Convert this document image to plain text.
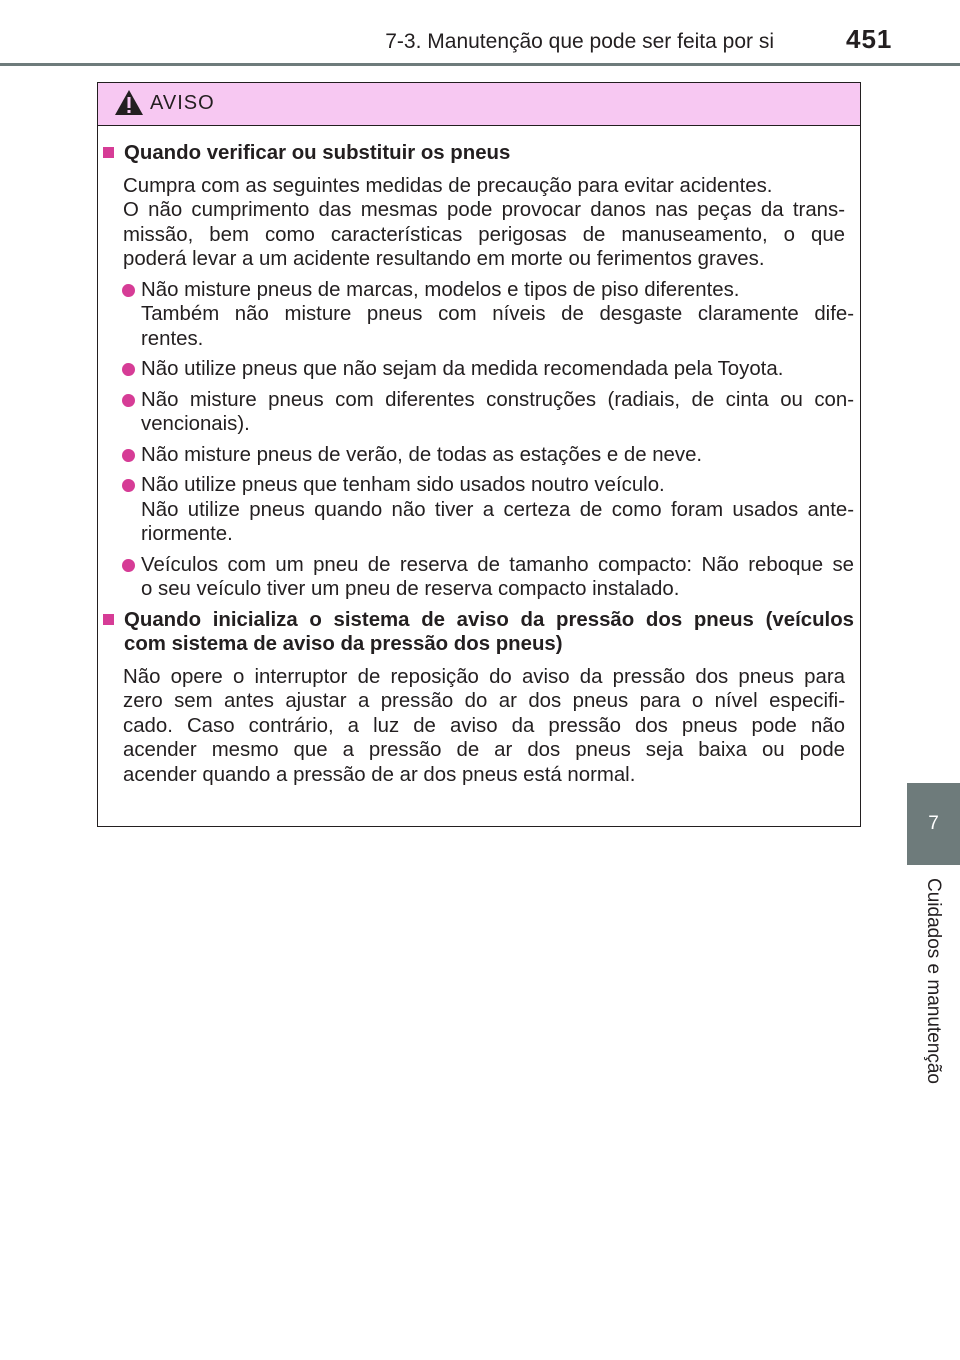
7-3. Manutenção que pode ser feita por si	451
7
Cuidados e manutenção
AVISO
Quando verificar ou substituir os pneus
Cumpra com as seguintes medidas de precaução para evitar acidentes.
O não cumprimento das mesmas pode provocar danos nas peças da trans-
missão, bem como características perigosas de manuseamento, o que
poderá levar a um acidente resultando em morte ou ferimentos graves.
Não misture pneus de marcas, modelos e tipos de piso diferentes.
Também não misture pneus com níveis de desgaste claramente dife-
rentes.
Não utilize pneus que não sejam da medida recomendada pela Toyota.
Não misture pneus com diferentes construções (radiais, de cinta ou con-
vencionais).
Não misture pneus de verão, de todas as estações e de neve.
Não utilize pneus que tenham sido usados noutro veículo.
Não utilize pneus quando não tiver a certeza de como foram usados ante-
riormente.
Veículos com um pneu de reserva de tamanho compacto: Não reboque se
o seu veículo tiver um pneu de reserva compacto instalado.
Quando inicializa o sistema de aviso da pressão dos pneus (veículos
com sistema de aviso da pressão dos pneus)
Não opere o interruptor de reposição do aviso da pressão dos pneus para
zero sem antes ajustar a pressão do ar dos pneus para o nível especifi-
cado. Caso contrário, a luz de aviso da pressão dos pneus pode não
acender mesmo que a pressão de ar dos pneus seja baixa ou pode
acender quando a pressão de ar dos pneus está normal.
